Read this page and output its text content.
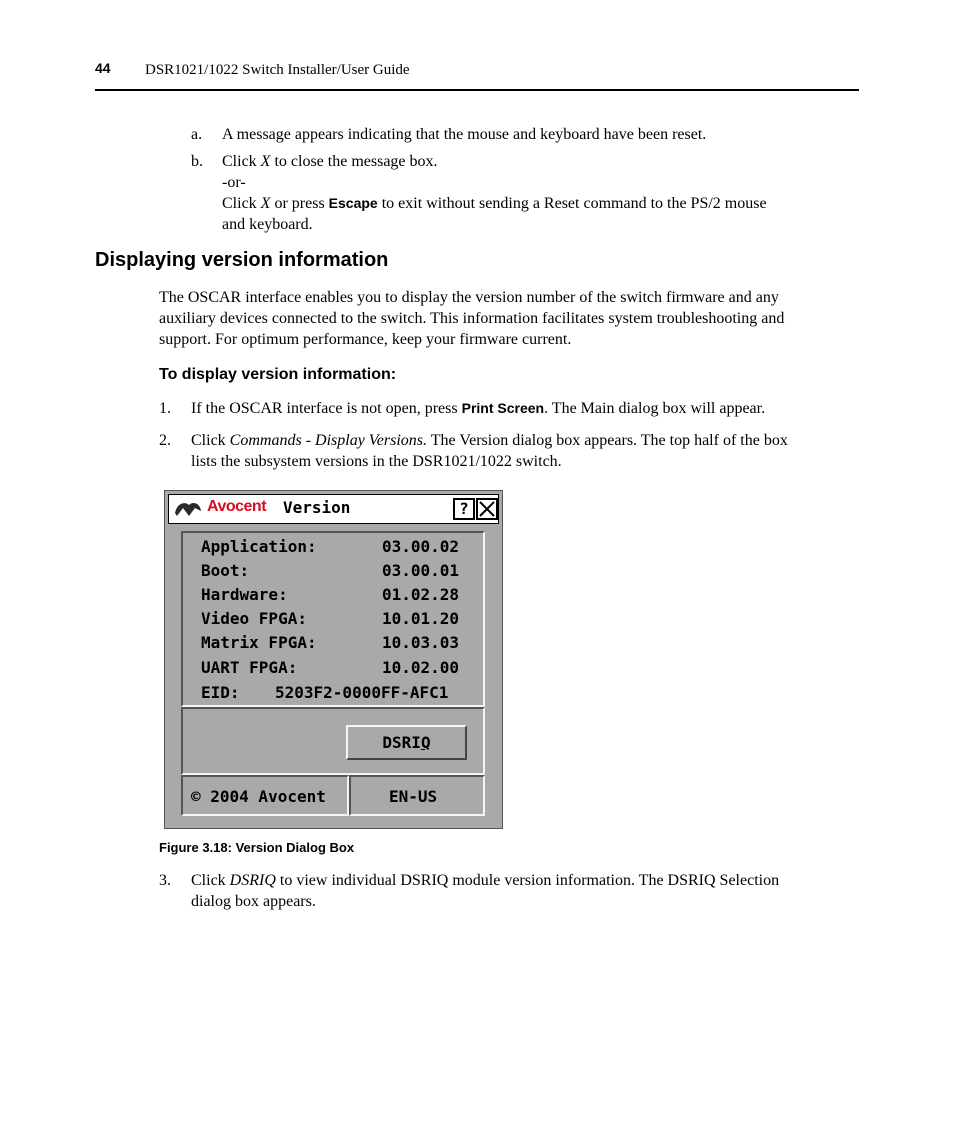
44 DSR1021/1022 Switch Installer/User Guide
a. A message appears indicating that the mouse and keyboard have been reset.
b. Click X to close the message box.
-or-
Click X or press Escape to exit without sending a Reset command to the PS/2 mouse
and keyboard.
Displaying version information
The OSCAR interface enables you to display the version number of the switch firmware and any
auxiliary devices connected to the switch. This information facilitates system troubleshooting and
support. For optimum performance, keep your firmware current.
To display version information:
1. If the OSCAR interface is not open, press Print Screen. The Main dialog box will appear.
2. Click Commands - Display Versions. The Version dialog box appears. The top half of the box
lists the subsystem versions in the DSR1021/1022 switch.
Avocent Version	?
Application:	03.00.02
Boot:	03.00.01
Hardware:	01.02.28
Video FPGA:	10.01.20
Matrix FPGA:	10.03.03
UART FPGA:	10.02.00
EID: 5203F2-0000FF-AFC1
DSRIQ
© 2004 Avocent	EN-US
Figure 3.18: Version Dialog Box
3. Click DSRIQ to view individual DSRIQ module version information. The DSRIQ Selection
dialog box appears.
